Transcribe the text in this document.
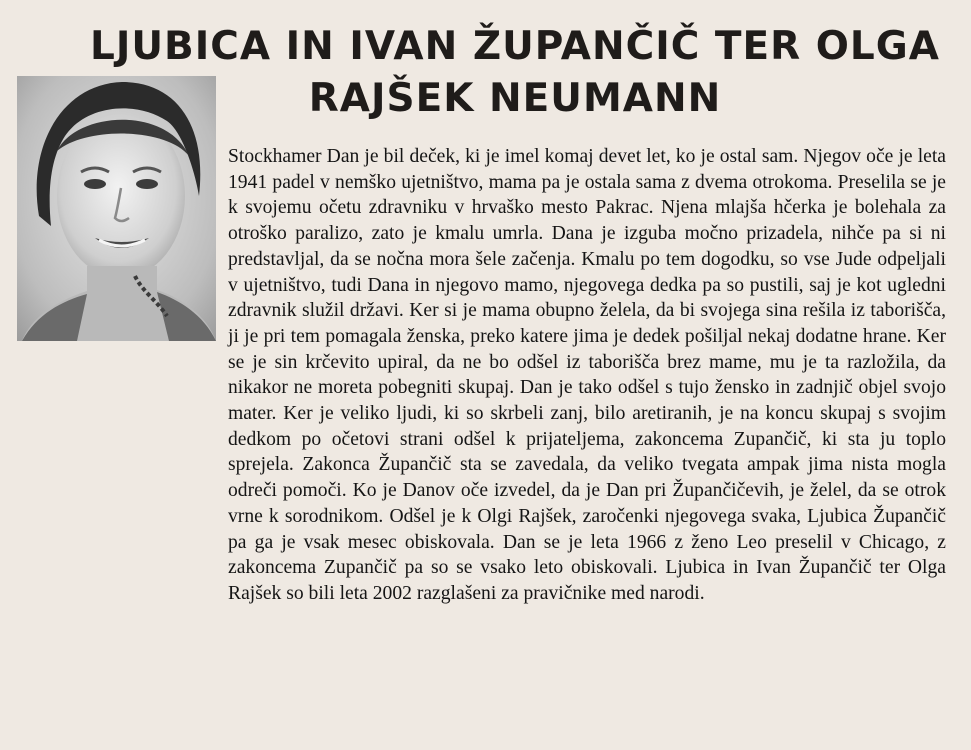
LJUBICA IN IVAN ŽUPANČIČ TER OLGA
RAJŠEK NEUMANN

Stockhamer Dan je bil deček, ki je imel komaj devet let, ko je ostal sam. Njegov oče je leta 1941 padel v nemško ujetništvo, mama pa je ostala sama z dvema otrokoma. Preselila se je k svojemu očetu zdravniku v hrvaško mesto Pakrac. Njena mlajša hčerka je bolehala za otroško paralizo, zato je kmalu umrla. Dana je izguba močno prizadela, nihče pa si ni predstavljal, da se nočna mora šele začenja. Kmalu po tem dogodku, so vse Jude odpeljali v ujetništvo, tudi Dana in njegovo mamo, njegovega dedka pa so pustili, saj je kot ugledni zdravnik služil državi. Ker si je mama obupno želela, da bi svojega sina rešila iz taborišča, ji je pri tem pomagala ženska, preko katere jima je dedek pošiljal nekaj dodatne hrane. Ker se je sin krčevito upiral, da ne bo odšel iz taborišča brez mame, mu je ta razložila, da nikakor ne moreta pobegniti skupaj. Dan je tako odšel s tujo žensko in zadnjič objel svojo mater. Ker je veliko ljudi, ki so skrbeli zanj, bilo aretiranih, je na koncu skupaj s svojim dedkom po očetovi strani odšel k prijateljema, zakoncema Zupančič, ki sta ju toplo sprejela. Zakonca Župančič sta se zavedala, da veliko tvegata ampak jima nista mogla odreči pomoči. Ko je Danov oče izvedel, da je Dan pri Župančičevih, je želel, da se otrok vrne k sorodnikom. Odšel je k Olgi Rajšek, zaročenki njegovega svaka, Ljubica Župančič pa ga je vsak mesec obiskovala. Dan se je leta 1966 z ženo Leo preselil v Chicago, z zakoncema Zupančič pa so se vsako leto obiskovali. Ljubica in Ivan Župančič ter Olga Rajšek so bili leta 2002 razglašeni za pravičnike med narodi.
